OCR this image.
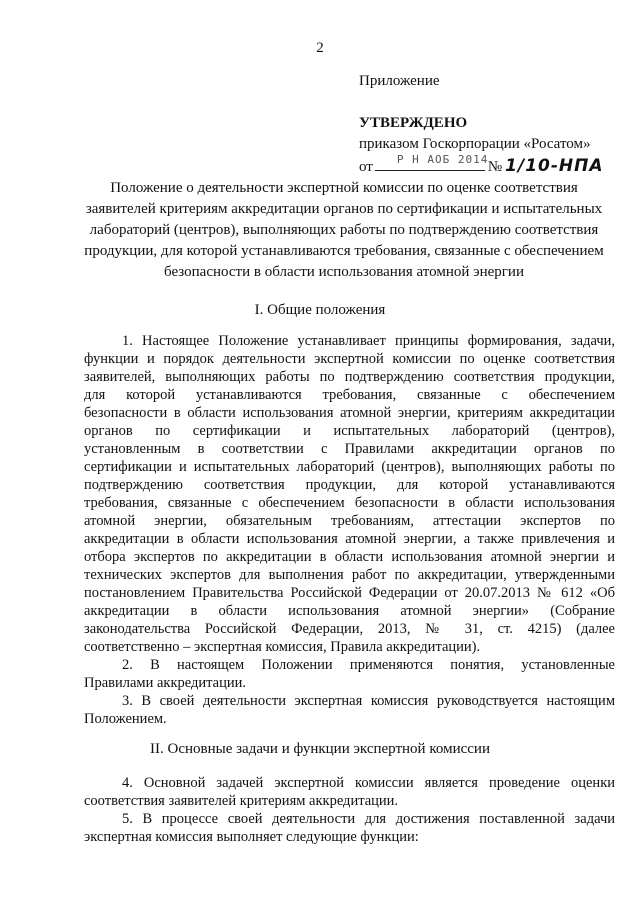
2
Приложение
УТВЕРЖДЕНО
приказом Госкорпорации «Росатом»
от Р Н АОБ 2014 № 1/10-НПА
Положение о деятельности экспертной комиссии по оценке соответствия
заявителей критериям аккредитации органов по сертификации и испытательных
лабораторий (центров), выполняющих работы по подтверждению соответствия
продукции, для которой устанавливаются требования, связанные с обеспечением
безопасности в области использования атомной энергии
I. Общие положения
1. Настоящее Положение устанавливает принципы формирования, задачи,
функции и порядок деятельности экспертной комиссии по оценке соответствия
заявителей, выполняющих работы по подтверждению соответствия продукции,
для которой устанавливаются требования, связанные с обеспечением
безопасности в области использования атомной энергии, критериям аккредитации
органов по сертификации и испытательных лабораторий (центров),
установленным в соответствии с Правилами аккредитации органов по
сертификации и испытательных лабораторий (центров), выполняющих работы по
подтверждению соответствия продукции, для которой устанавливаются
требования, связанные с обеспечением безопасности в области использования
атомной энергии, обязательным требованиям, аттестации экспертов по
аккредитации в области использования атомной энергии, а также привлечения и
отбора экспертов по аккредитации в области использования атомной энергии и
технических экспертов для выполнения работ по аккредитации, утвержденными
постановлением Правительства Российской Федерации от 20.07.2013 № 612 «Об
аккредитации в области использования атомной энергии» (Собрание
законодательства Российской Федерации, 2013, № 31, ст. 4215) (далее
соответственно – экспертная комиссия, Правила аккредитации).
2. В настоящем Положении применяются понятия, установленные
Правилами аккредитации.
3. В своей деятельности экспертная комиссия руководствуется настоящим
Положением.
II. Основные задачи и функции экспертной комиссии
4. Основной задачей экспертной комиссии является проведение оценки
соответствия заявителей критериям аккредитации.
5. В процессе своей деятельности для достижения поставленной задачи
экспертная комиссия выполняет следующие функции:
